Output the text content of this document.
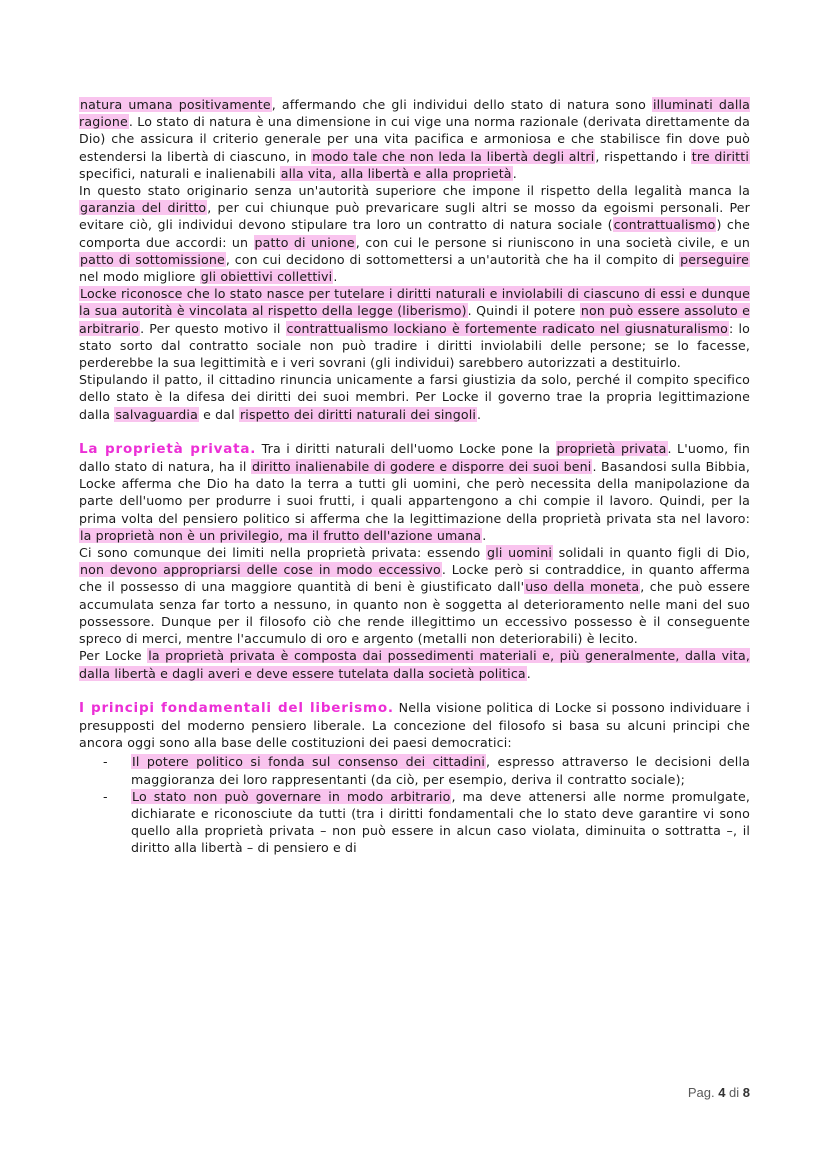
natura umana positivamente, affermando che gli individui dello stato di natura sono illuminati dalla ragione. Lo stato di natura è una dimensione in cui vige una norma razionale (derivata direttamente da Dio) che assicura il criterio generale per una vita pacifica e armoniosa e che stabilisce fin dove può estendersi la libertà di ciascuno, in modo tale che non leda la libertà degli altri, rispettando i tre diritti specifici, naturali e inalienabili alla vita, alla libertà e alla proprietà.

In questo stato originario senza un'autorità superiore che impone il rispetto della legalità manca la garanzia del diritto, per cui chiunque può prevaricare sugli altri se mosso da egoismi personali. Per evitare ciò, gli individui devono stipulare tra loro un contratto di natura sociale (contrattualismo) che comporta due accordi: un patto di unione, con cui le persone si riuniscono in una società civile, e un patto di sottomissione, con cui decidono di sottomettersi a un'autorità che ha il compito di perseguire nel modo migliore gli obiettivi collettivi.

Locke riconosce che lo stato nasce per tutelare i diritti naturali e inviolabili di ciascuno di essi e dunque la sua autorità è vincolata al rispetto della legge (liberismo). Quindi il potere non può essere assoluto e arbitrario. Per questo motivo il contrattualismo lockiano è fortemente radicato nel giusnaturalismo: lo stato sorto dal contratto sociale non può tradire i diritti inviolabili delle persone; se lo facesse, perderebbe la sua legittimità e i veri sovrani (gli individui) sarebbero autorizzati a destituirlo.

Stipulando il patto, il cittadino rinuncia unicamente a farsi giustizia da solo, perché il compito specifico dello stato è la difesa dei diritti dei suoi membri. Per Locke il governo trae la propria legittimazione dalla salvaguardia e dal rispetto dei diritti naturali dei singoli.

La proprietà privata. Tra i diritti naturali dell'uomo Locke pone la proprietà privata. L'uomo, fin dallo stato di natura, ha il diritto inalienabile di godere e disporre dei suoi beni. Basandosi sulla Bibbia, Locke afferma che Dio ha dato la terra a tutti gli uomini, che però necessita della manipolazione da parte dell'uomo per produrre i suoi frutti, i quali appartengono a chi compie il lavoro. Quindi, per la prima volta del pensiero politico si afferma che la legittimazione della proprietà privata sta nel lavoro: la proprietà non è un privilegio, ma il frutto dell'azione umana.

Ci sono comunque dei limiti nella proprietà privata: essendo gli uomini solidali in quanto figli di Dio, non devono appropriarsi delle cose in modo eccessivo. Locke però si contraddice, in quanto afferma che il possesso di una maggiore quantità di beni è giustificato dall'uso della moneta, che può essere accumulata senza far torto a nessuno, in quanto non è soggetta al deterioramento nelle mani del suo possessore. Dunque per il filosofo ciò che rende illegittimo un eccessivo possesso è il conseguente spreco di merci, mentre l'accumulo di oro e argento (metalli non deteriorabili) è lecito.

Per Locke la proprietà privata è composta dai possedimenti materiali e, più generalmente, dalla vita, dalla libertà e dagli averi e deve essere tutelata dalla società politica.

I principi fondamentali del liberismo. Nella visione politica di Locke si possono individuare i presupposti del moderno pensiero liberale. La concezione del filosofo si basa su alcuni principi che ancora oggi sono alla base delle costituzioni dei paesi democratici:

- Il potere politico si fonda sul consenso dei cittadini, espresso attraverso le decisioni della maggioranza dei loro rappresentanti (da ciò, per esempio, deriva il contratto sociale);
- Lo stato non può governare in modo arbitrario, ma deve attenersi alle norme promulgate, dichiarate e riconosciute da tutti (tra i diritti fondamentali che lo stato deve garantire vi sono quello alla proprietà privata – non può essere in alcun caso violata, diminuita o sottratta –, il diritto alla libertà – di pensiero e di
Pag. 4 di 8
